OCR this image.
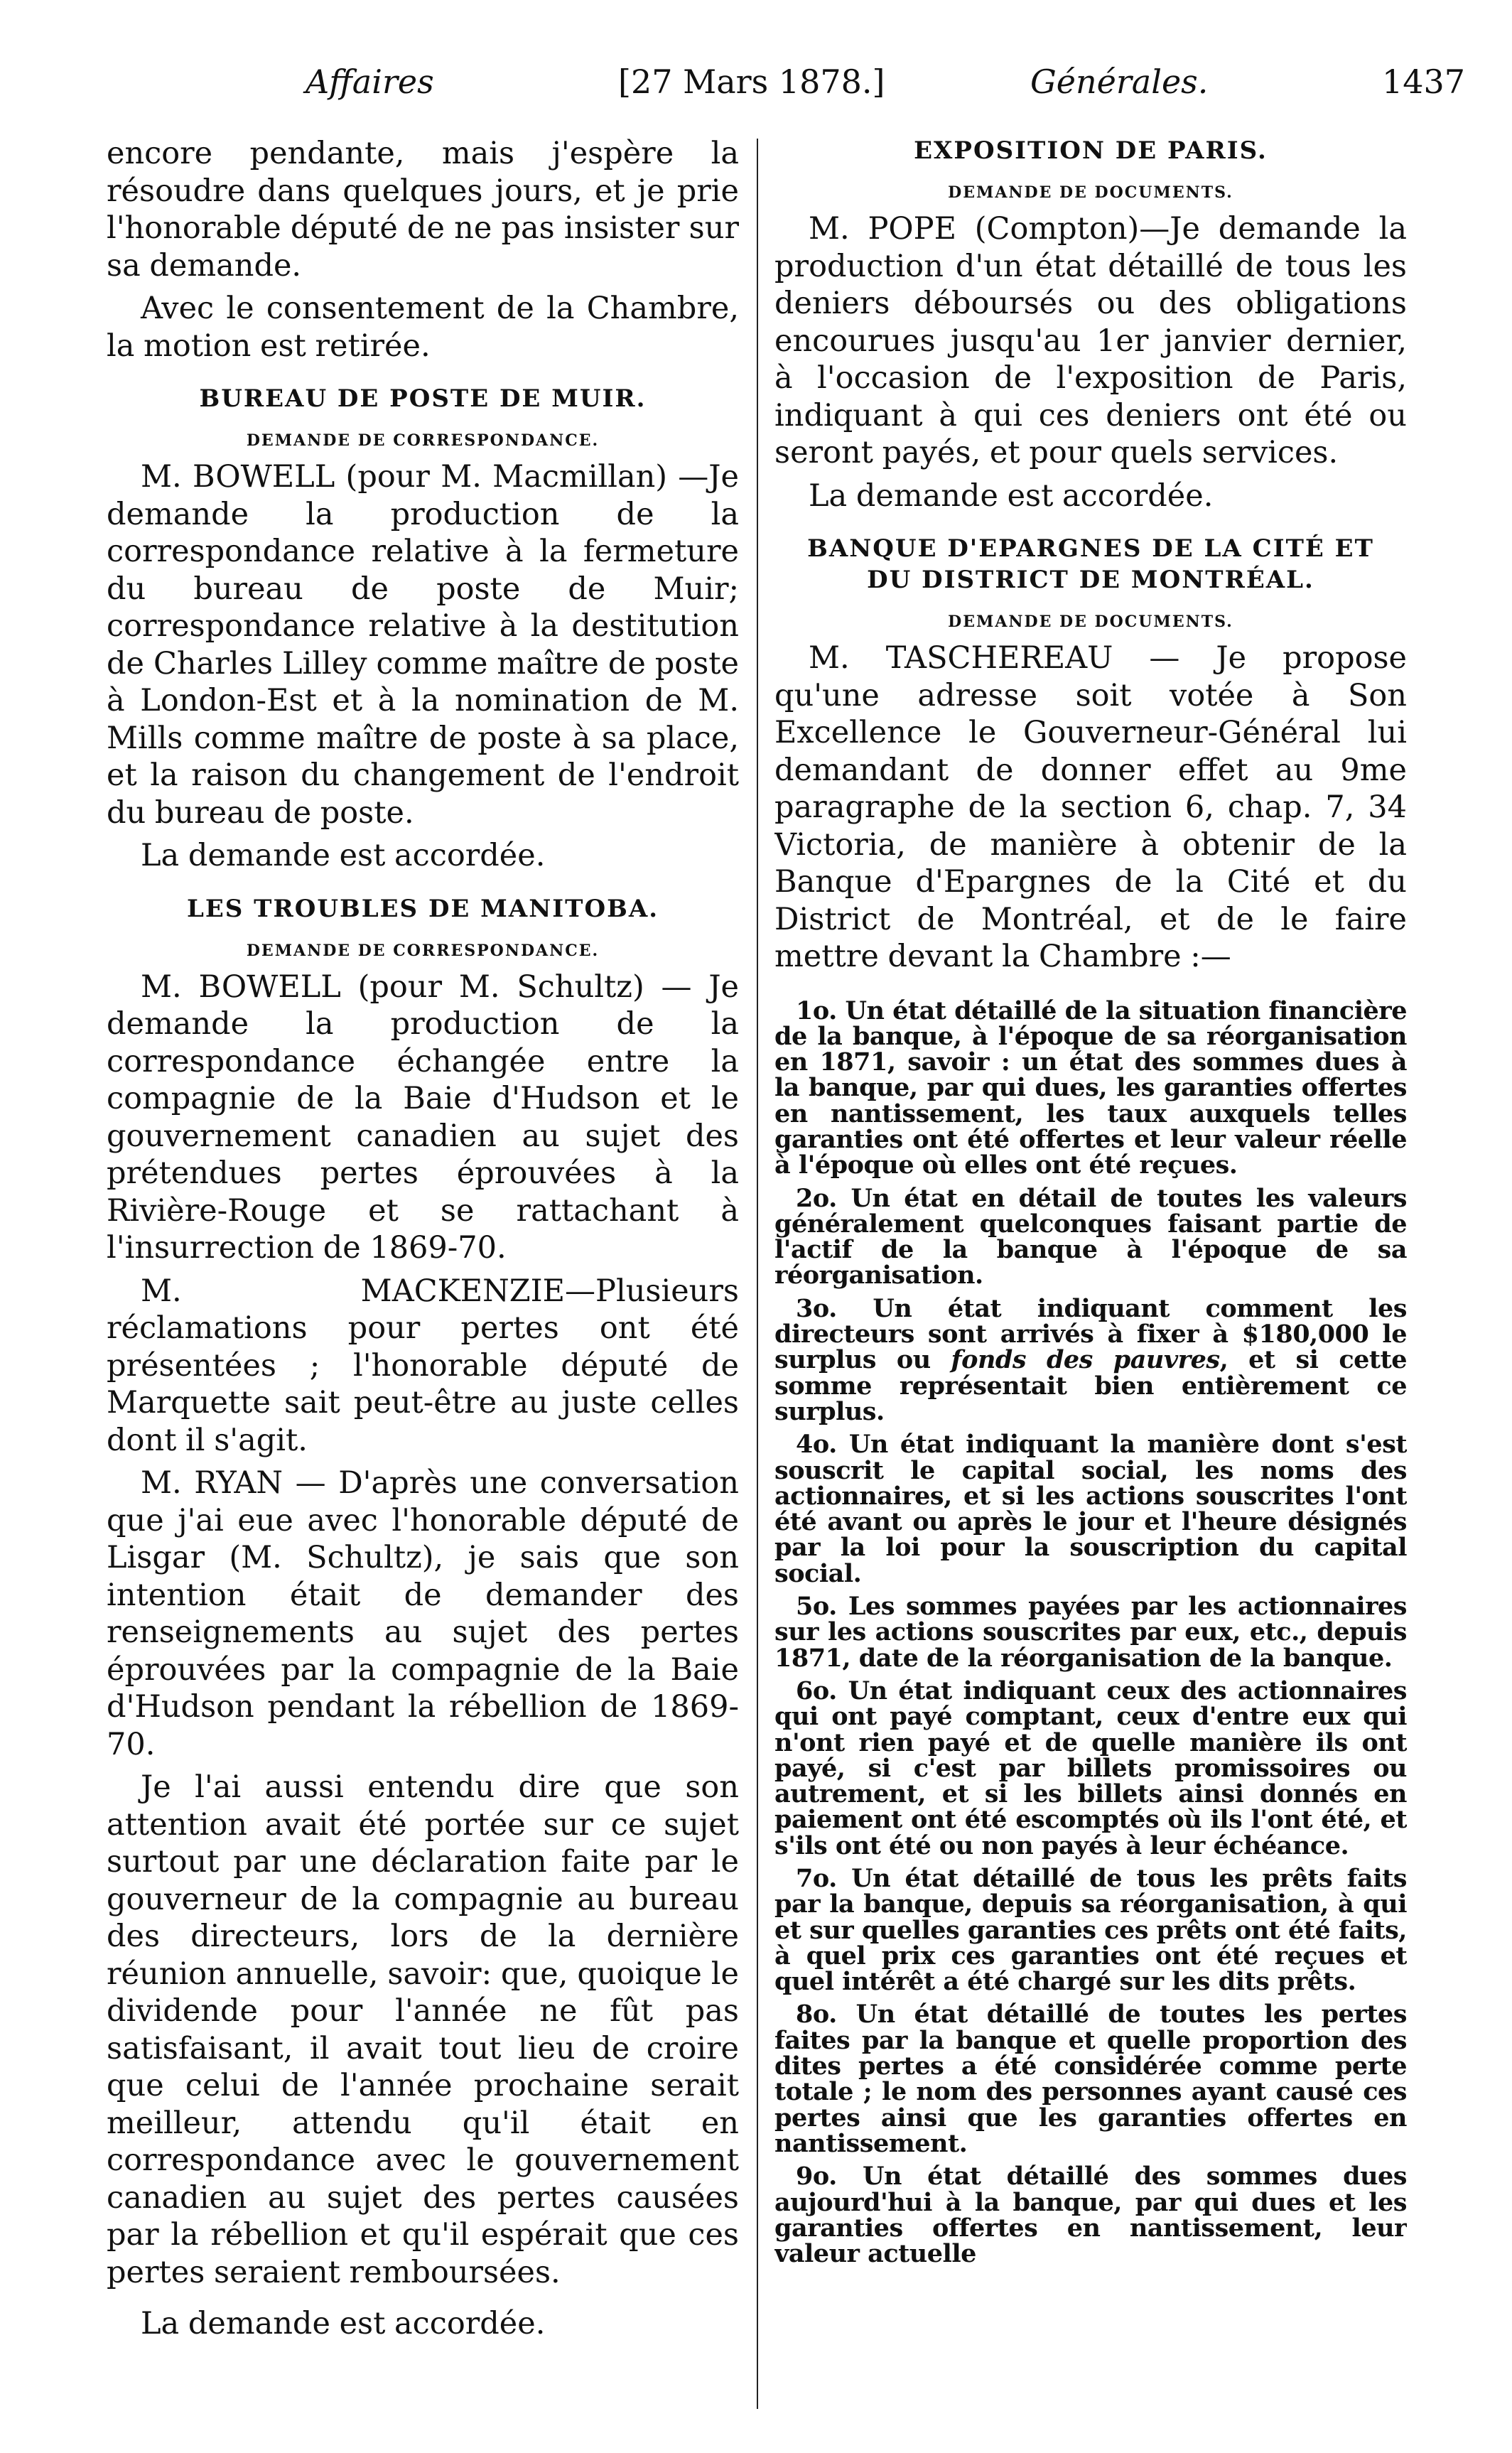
Affaires	[27 Mars 1878.]	Générales.	1437

encore pendante, mais j'espère la résoudre dans quelques jours, et je prie l'honorable député de ne pas insister sur sa demande.

Avec le consentement de la Chambre, la motion est retirée.

BUREAU DE POSTE DE MUIR.
DEMANDE DE CORRESPONDANCE.

M. BOWELL (pour M. Macmillan) —Je demande la production de la correspondance relative à la fermeture du bureau de poste de Muir; correspondance relative à la destitution de Charles Lilley comme maître de poste à London-Est et à la nomination de M. Mills comme maître de poste à sa place, et la raison du changement de l'endroit du bureau de poste.

La demande est accordée.

LES TROUBLES DE MANITOBA.
DEMANDE DE CORRESPONDANCE.

M. BOWELL (pour M. Schultz) — Je demande la production de la correspondance échangée entre la compagnie de la Baie d'Hudson et le gouvernement canadien au sujet des prétendues pertes éprouvées à la Rivière-Rouge et se rattachant à l'insurrection de 1869-70.

M. MACKENZIE—Plusieurs réclamations pour pertes ont été présentées ; l'honorable député de Marquette sait peut-être au juste celles dont il s'agit.

M. RYAN — D'après une conversation que j'ai eue avec l'honorable député de Lisgar (M. Schultz), je sais que son intention était de demander des renseignements au sujet des pertes éprouvées par la compagnie de la Baie d'Hudson pendant la rébellion de 1869-70.

Je l'ai aussi entendu dire que son attention avait été portée sur ce sujet surtout par une déclaration faite par le gouverneur de la compagnie au bureau des directeurs, lors de la dernière réunion annuelle, savoir: que, quoique le dividende pour l'année ne fût pas satisfaisant, il avait tout lieu de croire que celui de l'année prochaine serait meilleur, attendu qu'il était en correspondance avec le gouvernement canadien au sujet des pertes causées par la rébellion et qu'il espérait que ces pertes seraient remboursées.

La demande est accordée.

EXPOSITION DE PARIS.
DEMANDE DE DOCUMENTS.

M. POPE (Compton)—Je demande la production d'un état détaillé de tous les deniers déboursés ou des obligations encourues jusqu'au 1er janvier dernier, à l'occasion de l'exposition de Paris, indiquant à qui ces deniers ont été ou seront payés, et pour quels services.

La demande est accordée.

BANQUE D'EPARGNES DE LA CITÉ ET
DU DISTRICT DE MONTRÉAL.
DEMANDE DE DOCUMENTS.

M. TASCHEREAU — Je propose qu'une adresse soit votée à Son Excellence le Gouverneur-Général lui demandant de donner effet au 9me paragraphe de la section 6, chap. 7, 34 Victoria, de manière à obtenir de la Banque d'Epargnes de la Cité et du District de Montréal, et de le faire mettre devant la Chambre :—

1o. Un état détaillé de la situation financière de la banque, à l'époque de sa réorganisation en 1871, savoir : un état des sommes dues à la banque, par qui dues, les garanties offertes en nantissement, les taux auxquels telles garanties ont été offertes et leur valeur réelle à l'époque où elles ont été reçues.

2o. Un état en détail de toutes les valeurs généralement quelconques faisant partie de l'actif de la banque à l'époque de sa réorganisation.

3o. Un état indiquant comment les directeurs sont arrivés à fixer à $180,000 le surplus ou fonds des pauvres, et si cette somme représentait bien entièrement ce surplus.

4o. Un état indiquant la manière dont s'est souscrit le capital social, les noms des actionnaires, et si les actions souscrites l'ont été avant ou après le jour et l'heure désignés par la loi pour la souscription du capital social.

5o. Les sommes payées par les actionnaires sur les actions souscrites par eux, etc., depuis 1871, date de la réorganisation de la banque.

6o. Un état indiquant ceux des actionnaires qui ont payé comptant, ceux d'entre eux qui n'ont rien payé et de quelle manière ils ont payé, si c'est par billets promissoires ou autrement, et si les billets ainsi donnés en paiement ont été escomptés où ils l'ont été, et s'ils ont été ou non payés à leur échéance.

7o. Un état détaillé de tous les prêts faits par la banque, depuis sa réorganisation, à qui et sur quelles garanties ces prêts ont été faits, à quel prix ces garanties ont été reçues et quel intérêt a été chargé sur les dits prêts.

8o. Un état détaillé de toutes les pertes faites par la banque et quelle proportion des dites pertes a été considérée comme perte totale ; le nom des personnes ayant causé ces pertes ainsi que les garanties offertes en nantissement.

9o. Un état détaillé des sommes dues aujourd'hui à la banque, par qui dues et les garanties offertes en nantissement, leur valeur actuelle
